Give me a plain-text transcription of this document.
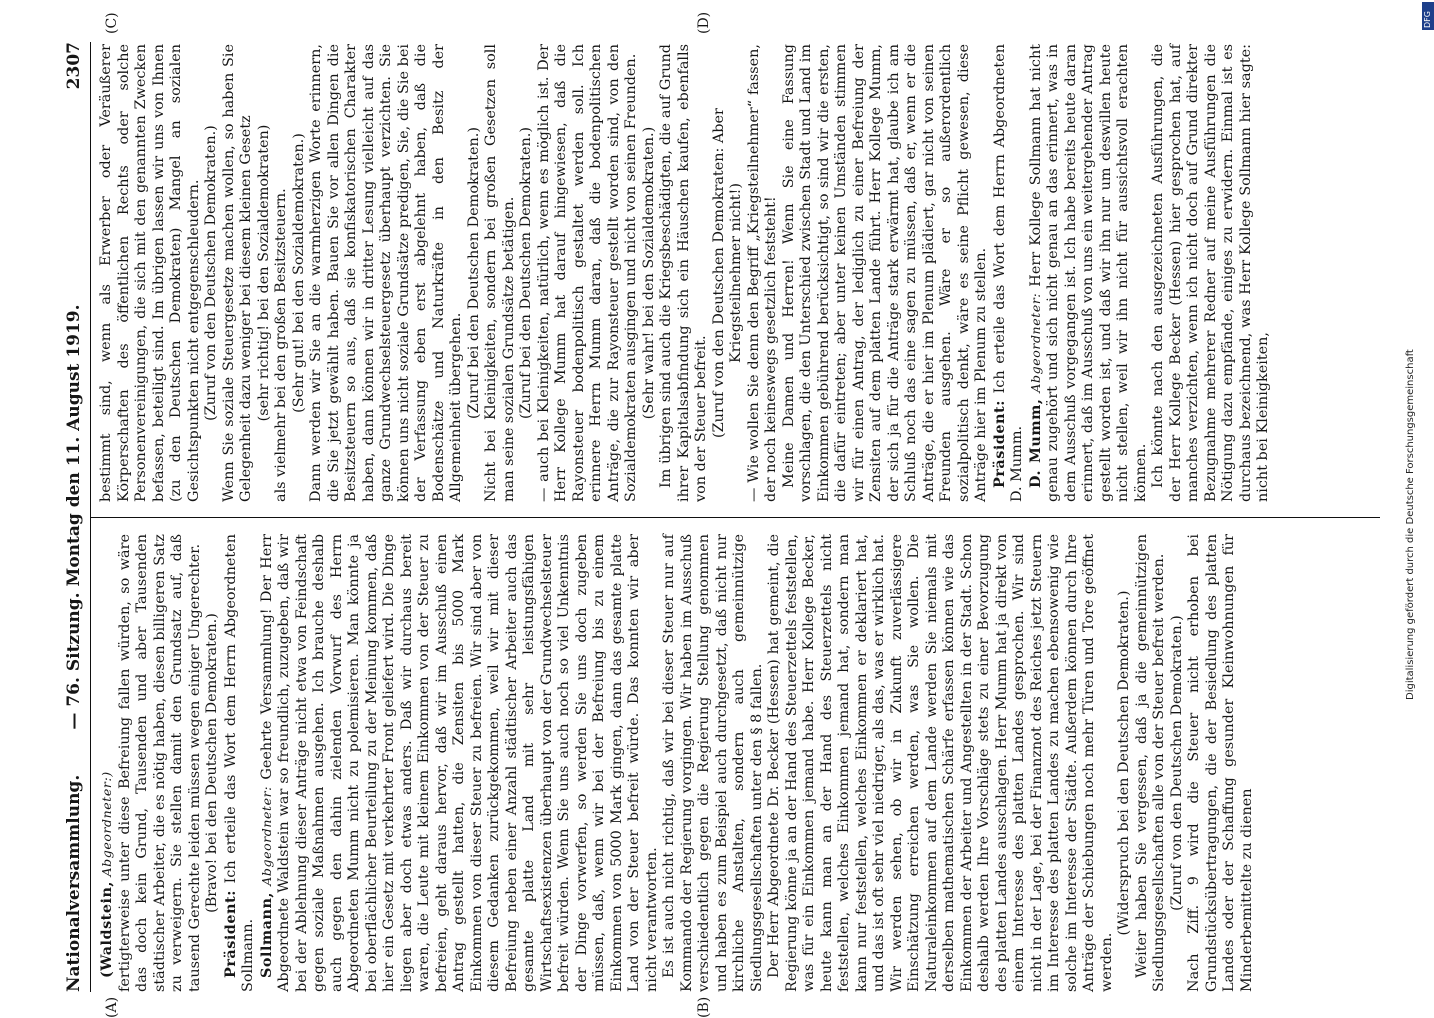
Nationalversammlung.
— 76. Sitzung. Montag den 11. August 1919.
2307
(A)	(B)
(C)	(D)

(Waldstein, Abgeordneter:) fertigterweise unter diese Befreiung fallen würden, so wäre das doch kein Grund, Tausenden und aber Tausenden städtischer Arbeiter, die es nötig haben, diesen billigeren Satz zu verweigern. Sie stellen damit den Grundsatz auf, daß tausend Gerechte leiden müssen wegen einiger Ungerechter. (Bravo! bei den Deutschen Demokraten.)

Präsident: Ich erteile das Wort dem Herrn Abgeordneten Sollmann. Sollmann, Abgeordneter: Geehrte Versammlung! Der Herr Abgeordnete Waldstein war so freundlich, zuzugeben, daß wir bei der Ablehnung dieser Anträge nicht etwa von Feindschaft gegen soziale Maßnahmen ausgehen. Ich brauche deshalb auch gegen den dahin zielenden Vorwurf des Herrn Abgeordneten Mumm nicht zu polemisieren. Man könnte ja bei oberflächlicher Beurteilung zu der Meinung kommen, daß hier ein Gesetz mit verkehrter Front geliefert wird. Die Dinge liegen aber doch etwas anders. Daß wir durchaus bereit waren, die Leute mit kleinem Einkommen von der Steuer zu befreien, geht daraus hervor, daß wir im Ausschuß einen Antrag gestellt hatten, die Zensiten bis 5000 Mark Einkommen von dieser Steuer zu befreien. Wir sind aber von diesem Gedanken zurückgekommen, weil wir mit dieser Befreiung neben einer Anzahl städtischer Arbeiter auch das gesamte platte Land mit sehr leistungsfähigen Wirtschaftsexistenzen überhaupt von der Grundwechselsteuer befreit würden. Wenn Sie uns auch noch so viel Unkenntnis der Dinge vorwerfen, so werden Sie uns doch zugeben müssen, daß, wenn wir bei der Befreiung bis zu einem Einkommen von 5000 Mark gingen, dann das gesamte platte Land von der Steuer befreit würde. Das konnten wir aber nicht verantworten. Es ist auch nicht richtig, daß wir bei dieser Steuer nur auf Kommando der Regierung vorgingen. Wir haben im Ausschuß verschiedentlich gegen die Regierung Stellung genommen und haben es zum Beispiel auch durchgesetzt, daß nicht nur kirchliche Anstalten, sondern auch gemeinnützige Siedlungsgesellschaften unter den § 8 fallen. Der Herr Abgeordnete Dr. Becker (Hessen) hat gemeint, die Regierung könne ja an der Hand des Steuerzettels feststellen, was für ein Einkommen jemand habe. Herr Kollege Becker, heute kann man an der Hand des Steuerzettels nicht feststellen, welches Einkommen jemand hat, sondern man kann nur feststellen, welches Einkommen er deklariert hat, und das ist oft sehr viel niedriger, als das, was er wirklich hat. Wir werden sehen, ob wir in Zukunft zuverlässigere Einschätzung erreichen werden, was Sie wollen. Die Naturaleinkommen auf dem Lande werden Sie niemals mit derselben mathematischen Schärfe erfassen können wie das Einkommen der Arbeiter und Angestellten in der Stadt. Schon deshalb werden Ihre Vorschläge stets zu einer Bevorzugung des platten Landes ausschlagen. Herr Mumm hat ja direkt von einem Interesse des platten Landes gesprochen. Wir sind nicht in der Lage, bei der Finanznot des Reiches jetzt Steuern im Interesse des platten Landes zu machen ebensowenig wie solche im Interesse der Städte. Außerdem können durch Ihre Anträge der Schiebungen noch mehr Türen und Tore geöffnet werden.

(Widerspruch bei den Deutschen Demokraten.) Weiter haben Sie vergessen, daß ja die gemeinnützigen Siedlungsgesellschaften alle von der Steuer befreit werden. (Zuruf von den Deutschen Demokraten.) Nach Ziff. 9 wird die Steuer nicht erhoben bei Grundstücksübertragungen, die der Besiedlung des platten Landes oder der Schaffung gesunder Kleinwohnungen für Minderbemittelte zu dienen

bestimmt sind, wenn als Erwerber oder Veräußerer Körperschaften des öffentlichen Rechts oder solche Personenvereinigungen, die sich mit den genannten Zwecken befassen, beteiligt sind. Im übrigen lassen wir uns von Ihnen (zu den Deutschen Demokraten) Mangel an sozialen Gesichtspunkten nicht entgegenschleudern. (Zuruf von den Deutschen Demokraten.) Wenn Sie soziale Steuergesetze machen wollen, so haben Sie Gelegenheit dazu weniger bei diesem kleinen Gesetz (sehr richtig! bei den Sozialdemokraten) als vielmehr bei den großen Besitzsteuern. (Sehr gut! bei den Sozialdemokraten.) Dann werden wir Sie an die warmherzigen Worte erinnern, die Sie jetzt gewählt haben. Bauen Sie vor allen Dingen die Besitzsteuern so aus, daß sie konfiskatorischen Charakter haben, dann können wir in dritter Lesung vielleicht auf das ganze Grundwechselsteuergesetz überhaupt verzichten. Sie können uns nicht soziale Grundsätze predigen, Sie, die Sie bei der Verfassung eben erst abgelehnt haben, daß die Bodenschätze und Naturkräfte in den Besitz der Allgemeinheit übergehen. (Zuruf bei den Deutschen Demokraten.) Nicht bei Kleinigkeiten, sondern bei großen Gesetzen soll man seine sozialen Grundsätze betätigen. (Zuruf bei den Deutschen Demokraten.) — auch bei Kleinigkeiten, natürlich, wenn es möglich ist. Der Herr Kollege Mumm hat darauf hingewiesen, daß die Rayonsteuer bodenpolitisch gestaltet werden soll. Ich erinnere Herrn Mumm daran, daß die bodenpolitischen Anträge, die zur Rayonsteuer gestellt worden sind, von den Sozialdemokraten ausgingen und nicht von seinen Freunden. (Sehr wahr! bei den Sozialdemokraten.) Im übrigen sind auch die Kriegsbeschädigten, die auf Grund ihrer Kapitalsabfindung sich ein Häuschen kaufen, ebenfalls von der Steuer befreit. (Zuruf von den Deutschen Demokraten: Aber Kriegsteilnehmer nicht!) — Wie wollen Sie denn den Begriff „Kriegsteilnehmer“ fassen, der noch keineswegs gesetzlich feststeht! Meine Damen und Herren! Wenn Sie eine Fassung vorschlagen, die den Unterschied zwischen Stadt und Land im Einkommen gebührend berücksichtigt, so sind wir die ersten, die dafür eintreten; aber unter keinen Umständen stimmen wir für einen Antrag, der lediglich zu einer Befreiung der Zensiten auf dem platten Lande führt. Herr Kollege Mumm, der sich ja für die Anträge stark erwärmt hat, glaube ich am Schluß noch das eine sagen zu müssen, daß er, wenn er die Anträge, die er hier im Plenum plädiert, gar nicht von seinen Freunden ausgehen. Wäre er so außerordentlich sozialpolitisch denkt, wäre es seine Pflicht gewesen, diese Anträge hier im Plenum zu stellen. Präsident: Ich erteile das Wort dem Herrn Abgeordneten D. Mumm. D. Mumm, Abgeordneter: Herr Kollege Sollmann hat nicht genau zugehört und sich nicht genau an das erinnert, was in dem Ausschuß vorgegangen ist. Ich habe bereits heute daran erinnert, daß im Ausschuß von uns ein weitergehender Antrag gestellt worden ist, und daß wir ihn nur um deswillen heute nicht stellen, weil wir ihn nicht für aussichtsvoll erachten können. Ich könnte nach den ausgezeichneten Ausführungen, die der Herr Kollege Becker (Hessen) hier gesprochen hat, auf manches verzichten, wenn ich nicht doch auf Grund direkter Bezugnahme mehrerer Redner auf meine Ausführungen die Nötigung dazu empfände, einiges zu erwidern. Einmal ist es durchaus bezeichnend, was Herr Kollege Sollmann hier sagte: nicht bei Kleinigkeiten,

DFG
Digitalisierung gefördert durch die Deutsche Forschungsgemeinschaft
